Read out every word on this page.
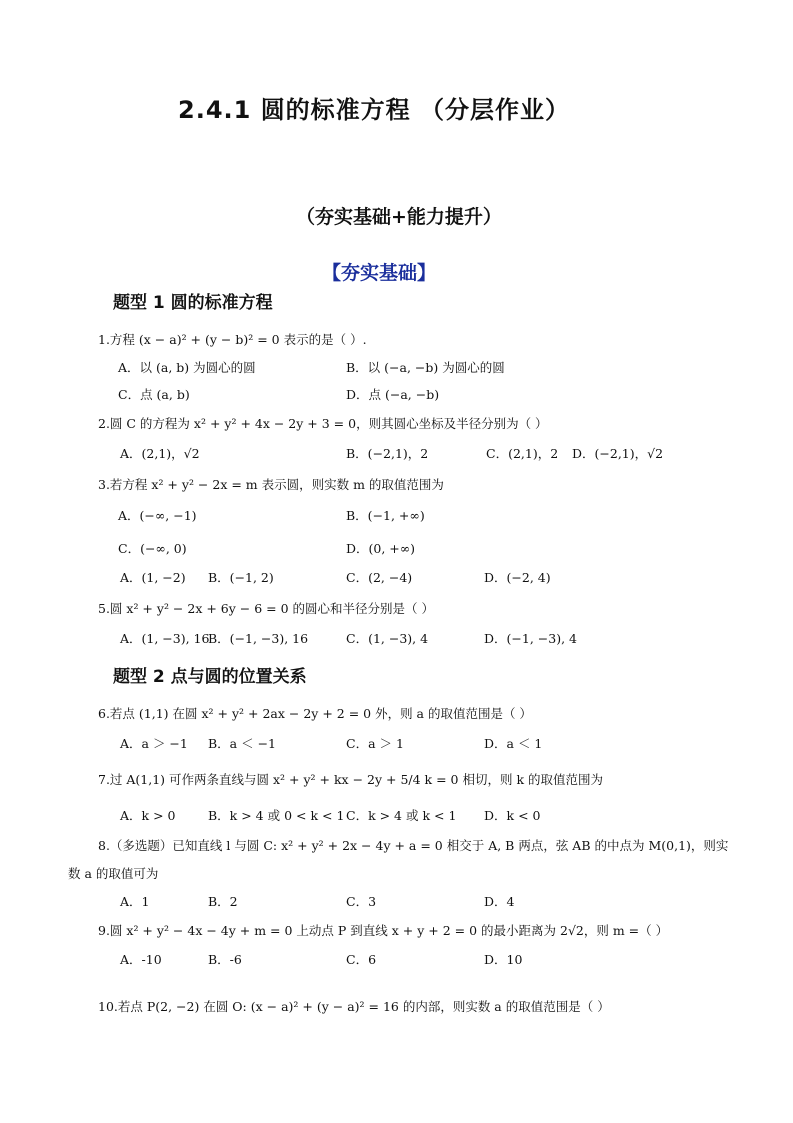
2.4.1 圆的标准方程 （分层作业）
（夯实基础+能力提升）
【夯实基础】
题型 1 圆的标准方程
1.方程 (x − a)² + (y − b)² = 0 表示的是（ ）.
A．以 (a, b) 为圆心的圆	B．以 (−a, −b) 为圆心的圆
C．点 (a, b)	D．点 (−a, −b)
2.圆 C 的方程为 x² + y² + 4x − 2y + 3 = 0，则其圆心坐标及半径分别为（ ）
A．(2,1)，√2	B．(−2,1)，2	C．(2,1)，2 D．(−2,1)，√2
3.若方程 x² + y² − 2x = m 表示圆，则实数 m 的取值范围为
A．(−∞, −1)	B．(−1, +∞)
C．(−∞, 0)	D．(0, +∞)
A．(1, −2) B．(−1, 2)	C．(2, −4)	D．(−2, 4)
5.圆 x² + y² − 2x + 6y − 6 = 0 的圆心和半径分别是（ ）
A．(1, −3), 16
B．(−1, −3), 16	C．(1, −3), 4	D．(−1, −3), 4
题型 2 点与圆的位置关系
6.若点 (1,1) 在圆 x² + y² + 2ax − 2y + 2 = 0 外，则 a 的取值范围是（ ）
A．a ＞ −1 B．a ＜ −1	C．a ＞ 1	D．a ＜ 1
7.过 A(1,1) 可作两条直线与圆 x² + y² + kx − 2y + 5/4 k = 0 相切，则 k 的取值范围为
A．k > 0	B．k > 4 或 0 < k < 1 C．k > 4 或 k < 1 D．k < 0
8.（多选题）已知直线 l 与圆 C: x² + y² + 2x − 4y + a = 0 相交于 A, B 两点，弦 AB 的中点为 M(0,1)，则实
数 a 的取值可为
A．1	B．2	C．3	D．4
9.圆 x² + y² − 4x − 4y + m = 0 上动点 P 到直线 x + y + 2 = 0 的最小距离为 2√2，则 m =（ ）
A．-10	B．-6	C．6	D．10
10.若点 P(2, −2) 在圆 O: (x − a)² + (y − a)² = 16 的内部，则实数 a 的取值范围是（ ）
